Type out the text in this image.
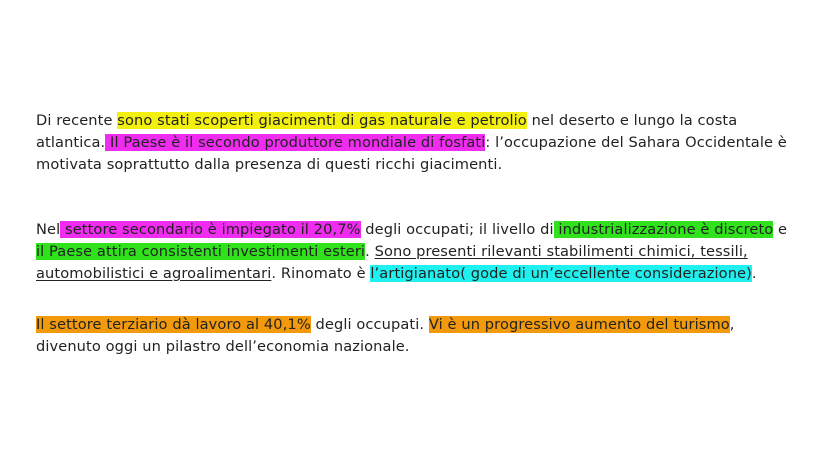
Di recente sono stati scoperti giacimenti di gas naturale e petrolio nel deserto e lungo la costa atlantica. Il Paese è il secondo produttore mondiale di fosfati: l’occupazione del Sahara Occidentale è motivata soprattutto dalla presenza di questi ricchi giacimenti.

Nel settore secondario è impiegato il 20,7% degli occupati; il livello di industrializzazione è discreto e il Paese attira consistenti investimenti esteri. Sono presenti rilevanti stabilimenti chimici, tessili, automobilistici e agroalimentari. Rinomato è l’artigianato( gode di un’eccellente considerazione).

Il settore terziario dà lavoro al 40,1% degli occupati. Vi è un progressivo aumento del turismo, divenuto oggi un pilastro dell’economia nazionale.
